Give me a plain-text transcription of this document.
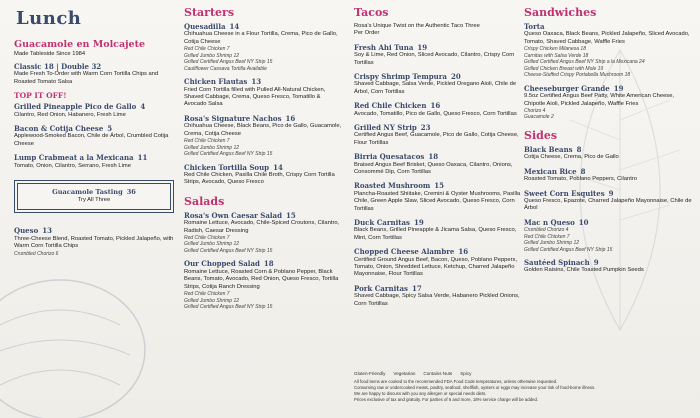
Lunch
Guacamole en Molcajete
Made Tableside Since 1984
Classic 18 | Double 32
Made Fresh To-Order with Warm Corn Tortilla Chips and Roasted Tomato Salsa
TOP IT OFF!
Grilled Pineapple Pico de Gallo 4
Cilantro, Red Onion, Habanero, Fresh Lime
Bacon & Cotija Cheese 5
Applewood-Smoked Bacon, Chile de Árbol, Crumbled Cotija Cheese
Lump Crabmeat a la Mexicana 11
Tomato, Onion, Cilantro, Serrano, Fresh Lime
Guacamole Tasting 36
Try All Three
Queso 13
Three-Cheese Blend, Roasted Tomato, Pickled Jalapeño, with Warm Corn Tortilla Chips
Crumbled Chorizo 6
Starters
Quesadilla 14
Chihuahua Cheese in a Flour Tortilla, Crema, Pico de Gallo, Cotija Cheese
Red Chile Chicken 7
Grilled Jumbo Shrimp 12
Grilled Certified Angus Beef NY Strip 15
Cauliflower Cassava Tortilla Available
Chicken Flautas 13
Fried Corn Tortilla filled with Pulled All-Natural Chicken, Shaved Cabbage, Crema, Queso Fresco, Tomatillo & Avocado Salsa
Rosa's Signature Nachos 16
Chihuahua Cheese, Black Beans, Pico de Gallo, Guacamole, Crema, Cotija Cheese
Red Chile Chicken 7
Grilled Jumbo Shrimp 12
Grilled Certified Angus Beef NY Strip 15
Chicken Tortilla Soup 14
Red Chile Chicken, Pasilla Chile Broth, Crispy Corn Tortilla Strips, Avocado, Queso Fresco
Salads
Rosa's Own Caesar Salad 15
Romaine Lettuce, Avocado, Chile-Spiced Croutons, Cilantro, Radish, Caesar Dressing
Red Chile Chicken 7
Grilled Jumbo Shrimp 12
Grilled Certified Angus Beef NY Strip 15
Our Chopped Salad 18
Romaine Lettuce, Roasted Corn & Poblano Pepper, Black Beans, Tomato, Avocado, Red Onion, Queso Fresco, Tortilla Strips, Cotija Ranch Dressing
Red Chile Chicken 7
Grilled Jumbo Shrimp 12
Grilled Certified Angus Beef NY Strip 15
Tacos
Rosa's Unique Twist on the Authentic Taco Three Per Order
Fresh Ahi Tuna 19
Soy & Lime, Red Onion, Sliced Avocado, Cilantro, Crispy Corn Tortillas
Crispy Shrimp Tempura 20
Shaved Cabbage, Salsa Verde, Pickled Oregano Aioli, Chile de Árbol, Corn Tortillas
Red Chile Chicken 16
Avocado, Tomatillo, Pico de Gallo, Queso Fresco, Corn Tortillas
Grilled NY Strip 23
Certified Angus Beef, Guacamole, Pico de Gallo, Cotija Cheese, Flour Tortillas
Birria Quesatacos 18
Braised Angus Beef Brisket, Queso Oaxaca, Cilantro, Onions, Consommé Dip, Corn Tortillas
Roasted Mushroom 15
Plancha-Roasted Shiitake, Cremini & Oyster Mushrooms, Pasilla Chile, Green Apple Slaw, Sliced Avocado, Queso Fresco, Corn Tortillas
Duck Carnitas 19
Black Beans, Grilled Pineapple & Jicama Salsa, Queso Fresco, Mint, Corn Tortillas
Chopped Cheese Alambre 16
Certified Ground Angus Beef, Bacon, Queso, Poblano Peppers, Tomato, Onion, Shredded Lettuce, Ketchup, Charred Jalapeño Mayonnaise, Flour Tortillas
Pork Carnitas 17
Shaved Cabbage, Spicy Salsa Verde, Habanero Pickled Onions, Corn Tortillas
Sandwiches
Torta
Queso Oaxaca, Black Beans, Pickled Jalapeño, Sliced Avocado, Tomato, Shaved Cabbage, Waffle Fries
Crispy Chicken Milanesa 18
Carnitas with Salsa Verde 18
Grilled Certified Angus Beef NY Strip a la Mexicana 24
Grilled Chicken Breast with Mole 19
Cheese-Stuffed Crispy Portabella Mushroom 18
Cheeseburger Grande 19
9.5oz Certified Angus Beef Patty, White American Cheese, Chipotle Aioli, Pickled Jalapeño, Waffle Fries
Chorizo 4
Guacamole 2
Sides
Black Beans 8
Cotija Cheese, Crema, Pico de Gallo
Mexican Rice 8
Roasted Tomato, Poblano Peppers, Cilantro
Sweet Corn Esquites 9
Queso Fresco, Epazote, Charred Jalapeño Mayonnaise, Chile de Árbol
Mac n Queso 10
Crumbled Chorizo 4
Red Chile Chicken 7
Grilled Jumbo Shrimp 12
Grilled Certified Angus Beef NY Strip 15
Sautéed Spinach 9
Golden Raisins, Chile Toasted Pumpkin Seeds
Gluten-Friendly Vegetarian Contains Nuts Spicy
All food items are cooked to the recommended FDA Food Code temperatures, unless otherwise requested.
Consuming raw or undercooked meats, poultry, seafood, shellfish, oysters or eggs may increase your risk of food-borne illness.
We are happy to discuss with you any allergen or special needs diets.
Prices exclusive of tax and gratuity. For parties of 6 and more, 18% service charge will be added.
